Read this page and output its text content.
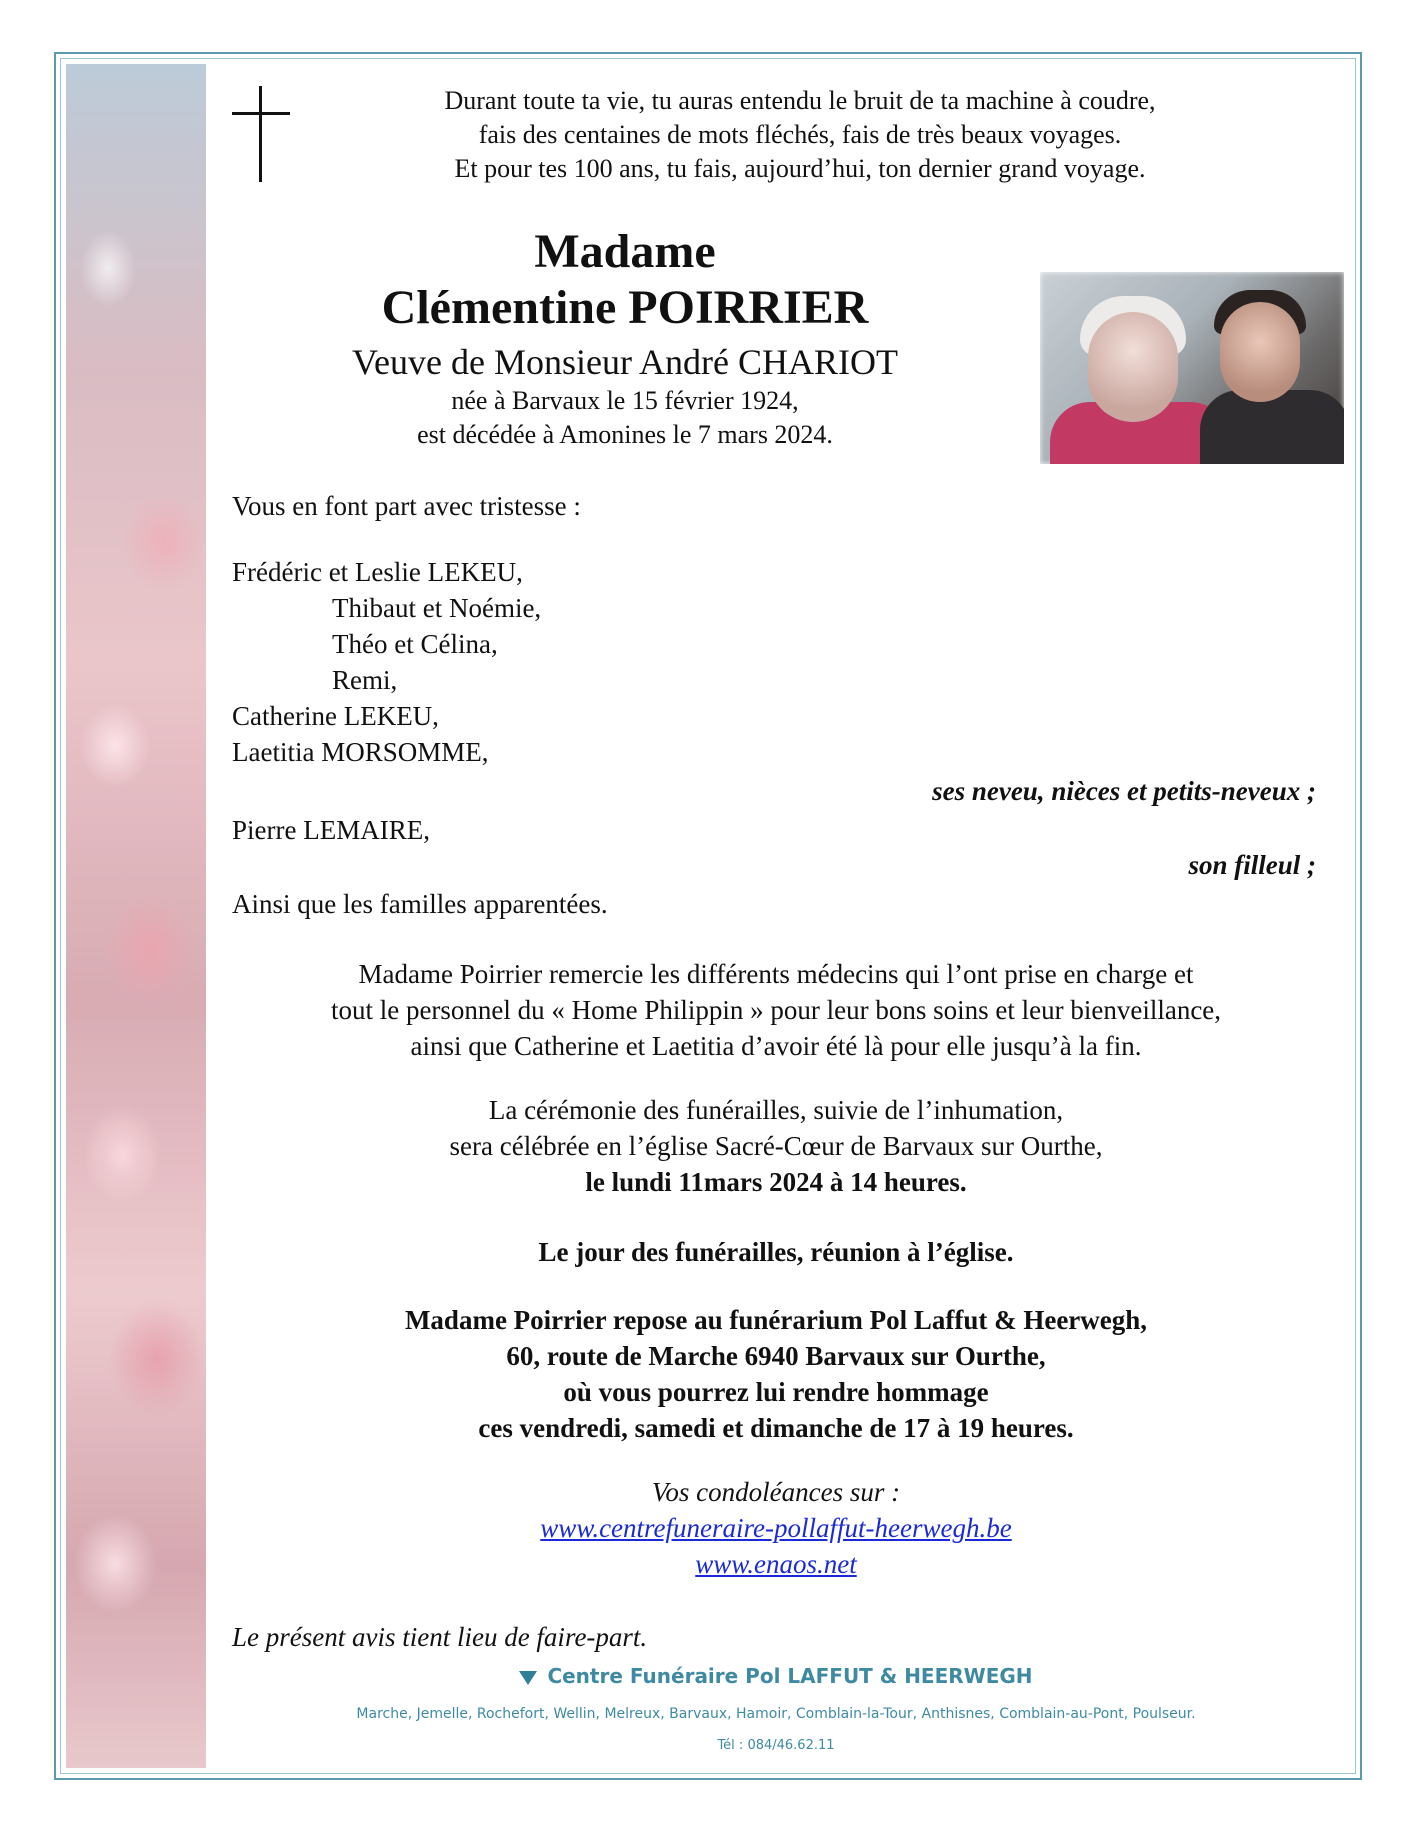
Durant toute ta vie, tu auras entendu le bruit de ta machine à coudre,
fais des centaines de mots fléchés, fais de très beaux voyages.
Et pour tes 100 ans, tu fais, aujourd’hui, ton dernier grand voyage.
Madame
Clémentine POIRRIER
Veuve de Monsieur André CHARIOT
née à Barvaux le 15 février 1924,
est décédée à Amonines le 7 mars 2024.
Vous en font part avec tristesse :
Frédéric et Leslie LEKEU,
Thibaut et Noémie,
Théo et Célina,
Remi,
Catherine LEKEU,
Laetitia MORSOMME,
ses neveu, nièces et petits-neveux ;
Pierre LEMAIRE,
son filleul ;
Ainsi que les familles apparentées.
Madame Poirrier remercie les différents médecins qui l’ont prise en charge et
tout le personnel du « Home Philippin » pour leur bons soins et leur bienveillance,
ainsi que Catherine et Laetitia d’avoir été là pour elle jusqu’à la fin.
La cérémonie des funérailles, suivie de l’inhumation,
sera célébrée en l’église Sacré-Cœur de Barvaux sur Ourthe,
le lundi 11mars 2024 à 14 heures.
Le jour des funérailles, réunion à l’église.
Madame Poirrier repose au funérarium Pol Laffut & Heerwegh,
60, route de Marche 6940 Barvaux sur Ourthe,
où vous pourrez lui rendre hommage
ces vendredi, samedi et dimanche de 17 à 19 heures.
Vos condoléances sur :
www.centrefuneraire-pollaffut-heerwegh.be
www.enaos.net
Le présent avis tient lieu de faire-part.
Centre Funéraire Pol LAFFUT & HEERWEGH
Marche, Jemelle, Rochefort, Wellin, Melreux, Barvaux, Hamoir, Comblain-la-Tour, Anthisnes, Comblain-au-Pont, Poulseur.
Tél : 084/46.62.11
